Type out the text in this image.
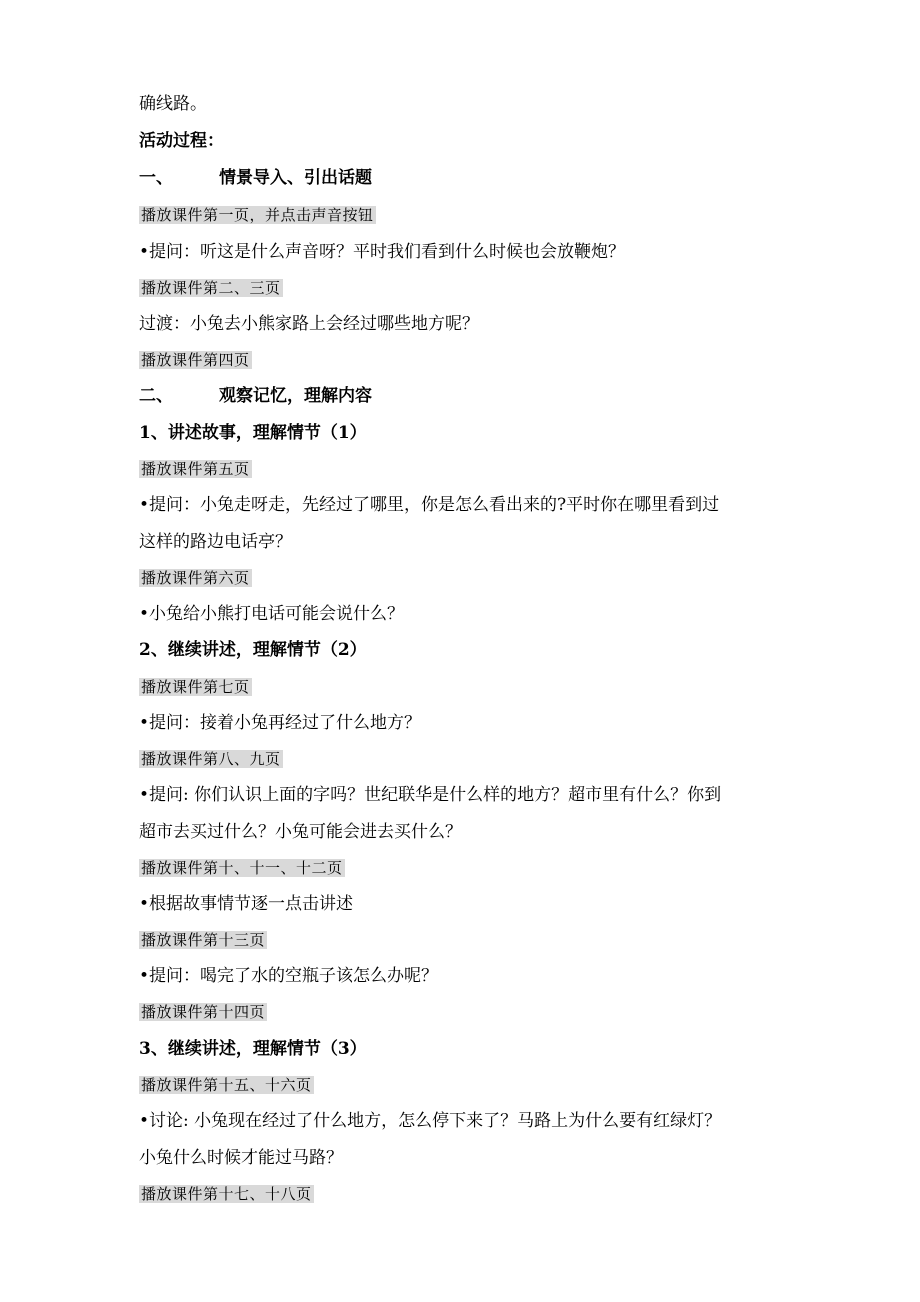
确线路。
活动过程：
一、	情景导入、引出话题
播放课件第一页，并点击声音按钮
•提问：听这是什么声音呀？平时我们看到什么时候也会放鞭炮？
播放课件第二、三页
过渡：小兔去小熊家路上会经过哪些地方呢？
播放课件第四页
二、	观察记忆，理解内容
1、讲述故事，理解情节（1）
播放课件第五页
•提问：小兔走呀走，先经过了哪里，你是怎么看出来的?平时你在哪里看到过
这样的路边电话亭？
播放课件第六页
•小兔给小熊打电话可能会说什么？
2、继续讲述，理解情节（2）
播放课件第七页
•提问：接着小兔再经过了什么地方？
播放课件第八、九页
•提问: 你们认识上面的字吗？世纪联华是什么样的地方？超市里有什么？你到
超市去买过什么？小兔可能会进去买什么？
播放课件第十、十一、十二页
•根据故事情节逐一点击讲述
播放课件第十三页
•提问：喝完了水的空瓶子该怎么办呢？
播放课件第十四页
3、继续讲述，理解情节（3）
播放课件第十五、十六页
•讨论: 小兔现在经过了什么地方，怎么停下来了？马路上为什么要有红绿灯？
小兔什么时候才能过马路？
播放课件第十七、十八页
